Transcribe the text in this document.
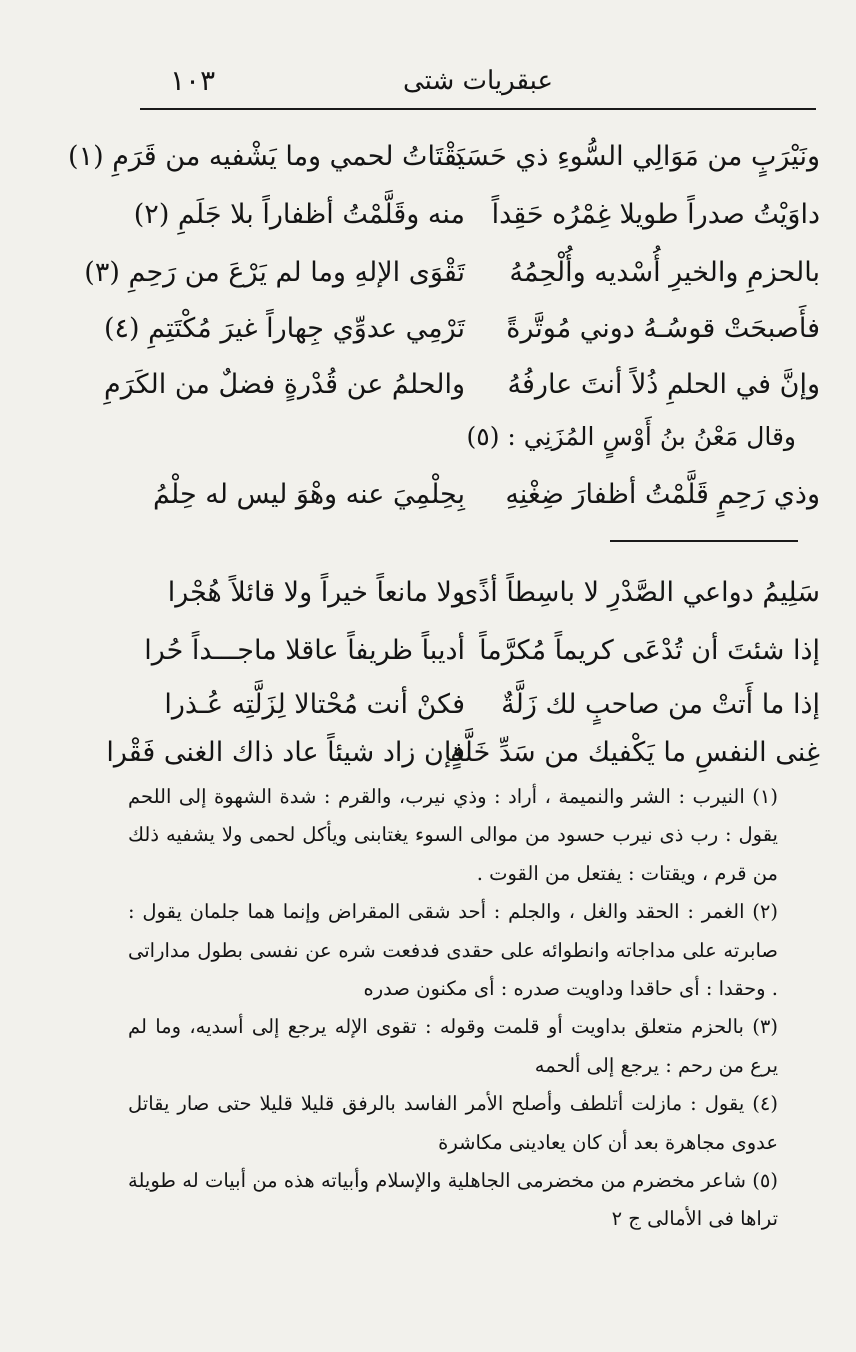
عبقريات شتى
١٠٣
ونَيْرَبٍ من مَوَالِي السُّوءِ ذي حَسَد
يَقْتَاتُ لحمي وما يَشْفيه من قَرَمِ (١)
داوَيْتُ صدراً طويلا غِمْرُه حَقِداً
منه وقَلَّمْتُ أظفاراً بلا جَلَمِ (٢)
بالحزمِ والخيرِ أُسْديه وأُلْحِمُهُ
تَقْوَى الإلهِ وما لم يَرْعَ من رَحِمِ (٣)
فأَصبحَتْ قوسُـهُ دوني مُوتَّرةً
تَرْمِي عدوِّي جِهاراً غيرَ مُكْتَتِمِ (٤)
وإنَّ في الحلمِ ذُلاً أنتَ عارفُهُ
والحلمُ عن قُدْرةٍ فضلٌ من الكَرَمِ
وقال مَعْنُ بنُ أَوْسٍ المُزَنِي : (٥)
وذي رَحِمٍ قَلَّمْتُ أظفارَ ضِغْنِهِ
بِحِلْمِيَ عنه وهْوَ ليس له حِلْمُ
سَلِيمُ دواعي الصَّدْرِ لا باسِطاً أذًى
ولا مانعاً خيراً ولا قائلاً هُجْرا
إذا شئتَ أن تُدْعَى كريماً مُكرَّماً
أديباً ظريفاً عاقلا ماجـــداً حُرا
إذا ما أَتتْ من صاحبٍ لك زَلَّةٌ
فكنْ أنت مُحْتالا لِزَلَّتِه عُـذرا
غِنى النفسِ ما يَكْفيك من سَدِّ خَلَّةٍ
فإن زاد شيئاً عاد ذاك الغنى فَقْرا
(١) النيرب : الشر والنميمة ، أراد : وذي نيرب، والقرم : شدة الشهوة إلى اللحم يقول : رب ذى نيرب حسود من موالى السوء يغتابنى ويأكل لحمى ولا يشفيه ذلك من قرم ، ويقتات : يفتعل من القوت .
(٢) الغمر : الحقد والغل ، والجلم : أحد شقى المقراض وإنما هما جلمان يقول : صابرته على مداجاته وانطوائه على حقدى فدفعت شره عن نفسى بطول مداراتى . وحقدا : أى حاقدا وداويت صدره : أى مكنون صدره
(٣) بالحزم متعلق بداويت أو قلمت وقوله : تقوى الإله يرجع إلى أسديه، وما لم يرع من رحم : يرجع إلى ألحمه
(٤) يقول : مازلت أتلطف وأصلح الأمر الفاسد بالرفق قليلا قليلا حتى صار يقاتل عدوى مجاهرة بعد أن كان يعادينى مكاشرة
(٥) شاعر مخضرم من مخضرمى الجاهلية والإسلام وأبياته هذه من أبيات له طويلة تراها فى الأمالى ج ٢
